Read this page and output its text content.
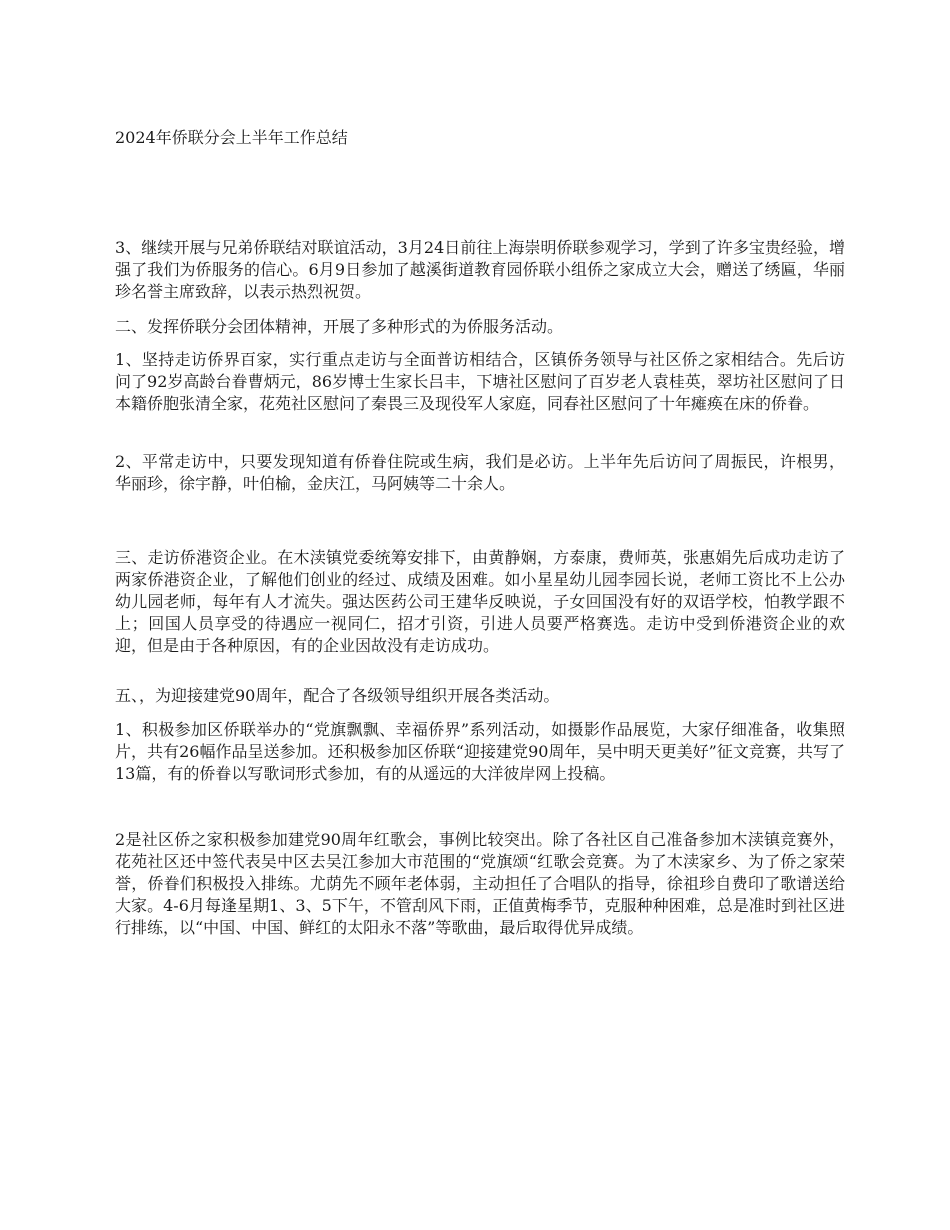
2024年侨联分会上半年工作总结

3、继续开展与兄弟侨联结对联谊活动，3月24日前往上海崇明侨联参观学习，学到了许多宝贵经验，增强了我们为侨服务的信心。6月9日参加了越溪街道教育园侨联小组侨之家成立大会，赠送了绣匾，华丽珍名誉主席致辞，以表示热烈祝贺。

二、发挥侨联分会团体精神，开展了多种形式的为侨服务活动。

1、坚持走访侨界百家，实行重点走访与全面普访相结合，区镇侨务领导与社区侨之家相结合。先后访问了92岁高龄台眷曹炳元，86岁博士生家长吕丰，下塘社区慰问了百岁老人袁桂英，翠坊社区慰问了日本籍侨胞张清全家，花苑社区慰问了秦畏三及现役军人家庭，同春社区慰问了十年瘫痪在床的侨眷。

2、平常走访中，只要发现知道有侨眷住院或生病，我们是必访。上半年先后访问了周振民，许根男，华丽珍，徐宇静，叶伯榆，金庆江，马阿姨等二十余人。

三、走访侨港资企业。在木渎镇党委统筹安排下，由黄静娴，方泰康，费师英，张惠娟先后成功走访了两家侨港资企业，了解他们创业的经过、成绩及困难。如小星星幼儿园李园长说，老师工资比不上公办幼儿园老师，每年有人才流失。强达医药公司王建华反映说，子女回国没有好的双语学校，怕教学跟不上；回国人员享受的待遇应一视同仁，招才引资，引进人员要严格赛选。走访中受到侨港资企业的欢迎，但是由于各种原因，有的企业因故没有走访成功。

五、，为迎接建党90周年，配合了各级领导组织开展各类活动。

1、积极参加区侨联举办的“党旗飘飘、幸福侨界”系列活动，如摄影作品展览，大家仔细准备，收集照片，共有26幅作品呈送参加。还积极参加区侨联“迎接建党90周年，吴中明天更美好”征文竞赛，共写了13篇，有的侨眷以写歌词形式参加，有的从遥远的大洋彼岸网上投稿。

2是社区侨之家积极参加建党90周年红歌会，事例比较突出。除了各社区自己准备参加木渎镇竞赛外，花苑社区还中签代表吴中区去吴江参加大市范围的“党旗颂“红歌会竞赛。为了木渎家乡、为了侨之家荣誉，侨眷们积极投入排练。尤荫先不顾年老体弱，主动担任了合唱队的指导，徐祖珍自费印了歌谱送给大家。4-6月每逢星期1、3、5下午，不管刮风下雨，正值黄梅季节，克服种种困难，总是准时到社区进行排练，以“中国、中国、鲜红的太阳永不落”等歌曲，最后取得优异成绩。
